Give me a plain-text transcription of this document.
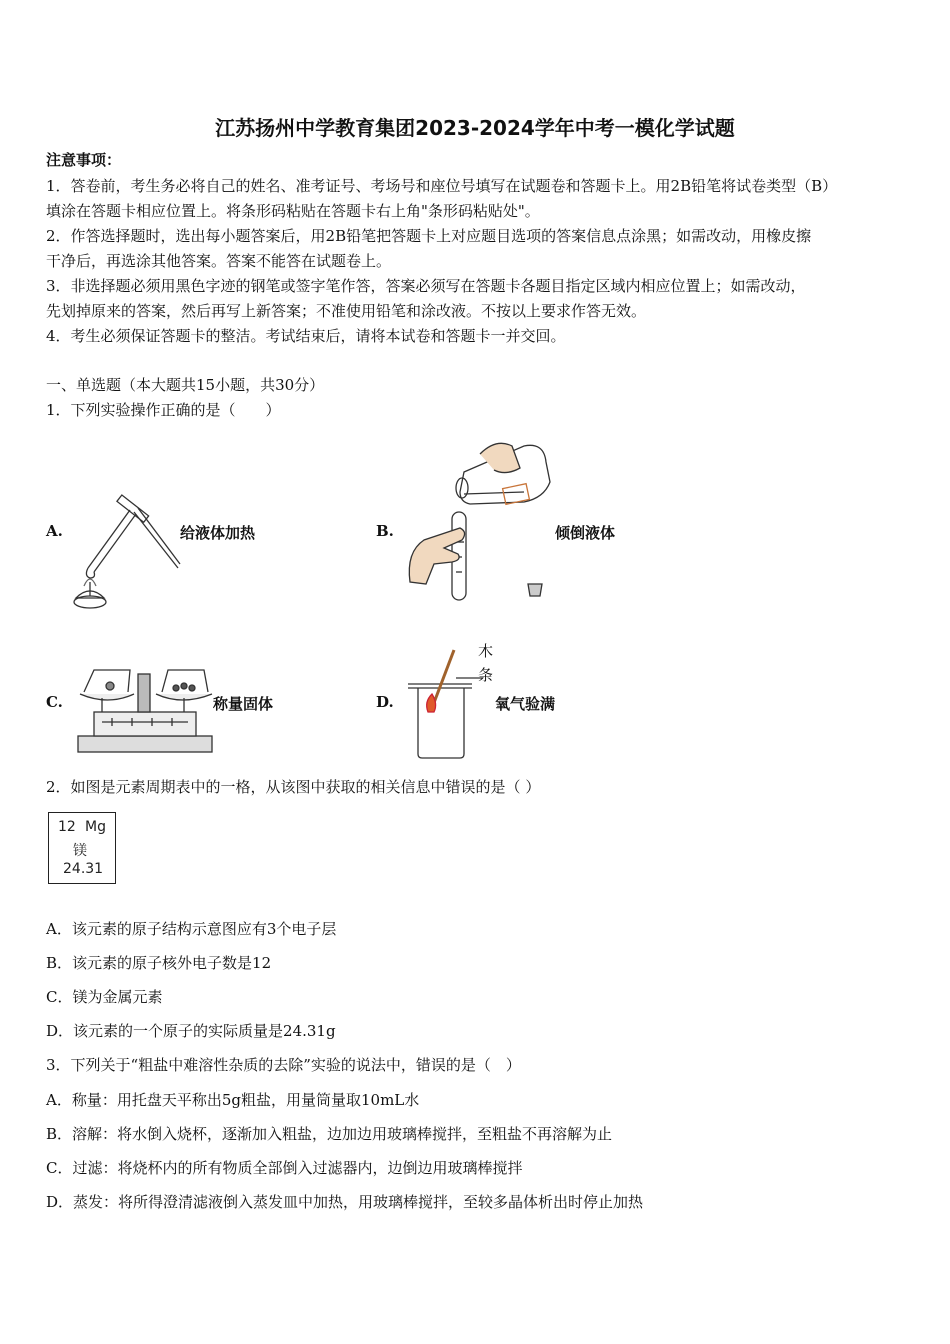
江苏扬州中学教育集团2023-2024学年中考一模化学试题
注意事项：
1．答卷前，考生务必将自己的姓名、准考证号、考场号和座位号填写在试题卷和答题卡上。用2B铅笔将试卷类型（B）
填涂在答题卡相应位置上。将条形码粘贴在答题卡右上角"条形码粘贴处"。
2．作答选择题时，选出每小题答案后，用2B铅笔把答题卡上对应题目选项的答案信息点涂黑；如需改动，用橡皮擦
干净后，再选涂其他答案。答案不能答在试题卷上。
3．非选择题必须用黑色字迹的钢笔或签字笔作答，答案必须写在答题卡各题目指定区域内相应位置上；如需改动，
先划掉原来的答案，然后再写上新答案；不准使用铅笔和涂改液。不按以上要求作答无效。
4．考生必须保证答题卡的整洁。考试结束后，请将本试卷和答题卡一并交回。
一、单选题（本大题共15小题，共30分）
1．下列实验操作正确的是（　　）
A.	给液体加热	B.	倾倒液体
C.	称量固体	D.
木
条
氧气验满
2．如图是元素周期表中的一格，从该图中获取的相关信息中错误的是（ ）
12 Mg
镁
24.31
A．该元素的原子结构示意图应有3个电子层
B．该元素的原子核外电子数是12
C．镁为金属元素
D．该元素的一个原子的实际质量是24.31g
3．下列关于“粗盐中难溶性杂质的去除”实验的说法中，错误的是（　）
A．称量：用托盘天平称出5g粗盐，用量筒量取10mL水
B．溶解：将水倒入烧杯，逐渐加入粗盐，边加边用玻璃棒搅拌，至粗盐不再溶解为止
C．过滤：将烧杯内的所有物质全部倒入过滤器内，边倒边用玻璃棒搅拌
D．蒸发：将所得澄清滤液倒入蒸发皿中加热，用玻璃棒搅拌，至较多晶体析出时停止加热
